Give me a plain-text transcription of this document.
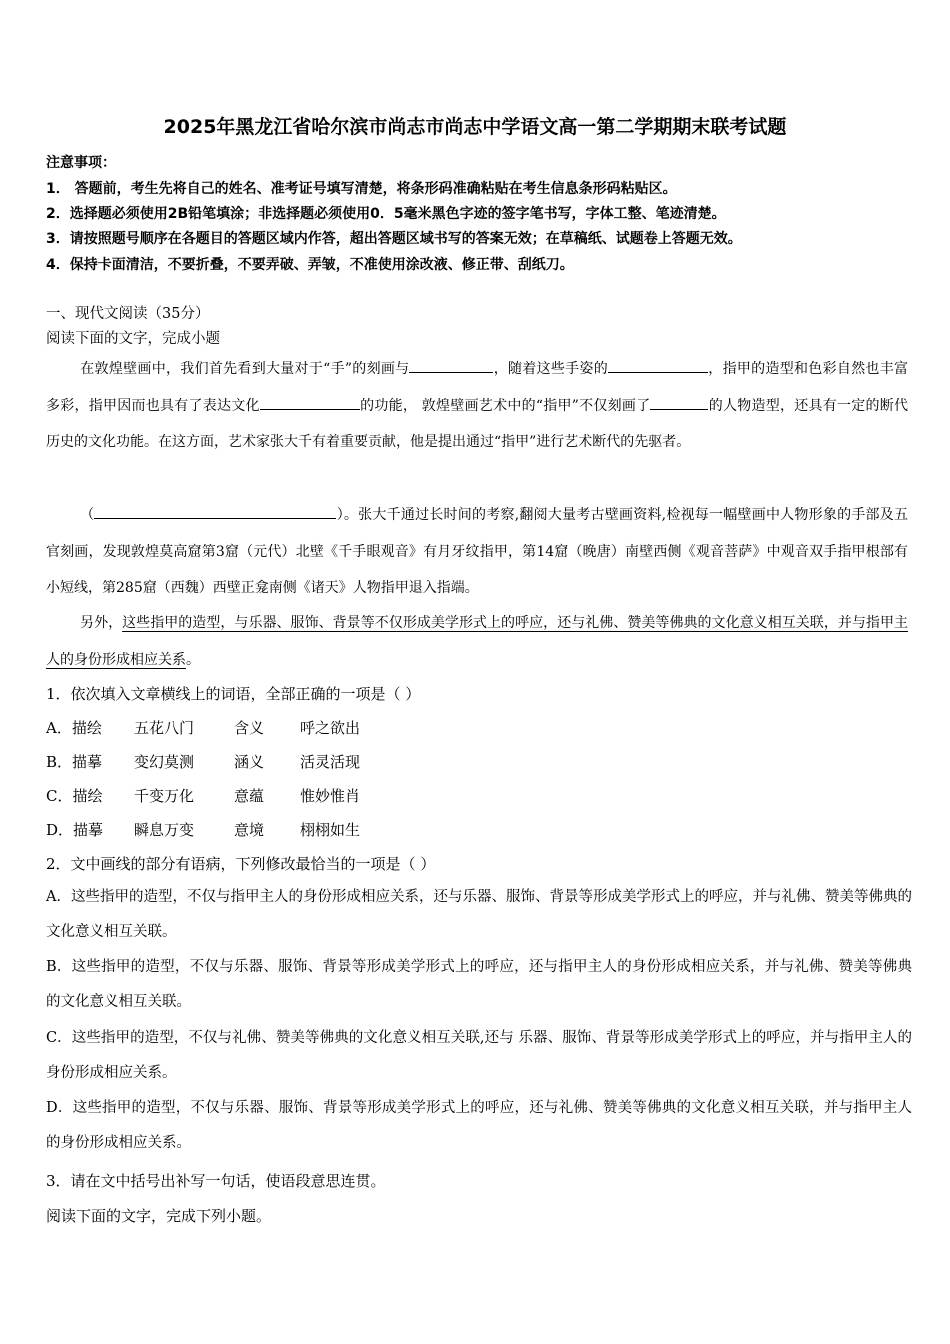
2025年黑龙江省哈尔滨市尚志市尚志中学语文高一第二学期期末联考试题
注意事项：
1． 答题前，考生先将自己的姓名、准考证号填写清楚，将条形码准确粘贴在考生信息条形码粘贴区。
2．选择题必须使用2B铅笔填涂；非选择题必须使用0．5毫米黑色字迹的签字笔书写，字体工整、笔迹清楚。
3．请按照题号顺序在各题目的答题区域内作答，超出答题区域书写的答案无效；在草稿纸、试题卷上答题无效。
4．保持卡面清洁，不要折叠，不要弄破、弄皱，不准使用涂改液、修正带、刮纸刀。
一、现代文阅读（35分）
阅读下面的文字，完成小题
在敦煌壁画中，我们首先看到大量对于“手”的刻画与	，随着这些手姿的	，指甲的造型和色彩自然也丰富多彩，指甲因而也具有了表达文化	的功能， 敦煌壁画艺术中的“指甲”不仅刻画了	的人物造型，还具有一定的断代历史的文化功能。在这方面，艺术家张大千有着重要贡献，他是提出通过“指甲”进行艺术断代的先驱者。
（	）。张大千通过长时间的考察,翻阅大量考古壁画资料,检视每一幅壁画中人物形象的手部及五官刻画，发现敦煌莫高窟第3窟（元代）北壁《千手眼观音》有月牙纹指甲，第14窟（晚唐）南壁西侧《观音菩萨》中观音双手指甲根部有小短线，第285窟（西魏）西壁正龛南侧《诸天》人物指甲退入指端。
另外，这些指甲的造型，与乐器、服饰、背景等不仅形成美学形式上的呼应，还与礼佛、赞美等佛典的文化意义相互关联，并与指甲主人的身份形成相应关系。
1．依次填入文章横线上的词语，全部正确的一项是（ ）
A．描绘 五花八门	含义 呼之欲出
B．描摹 变幻莫测	涵义 活灵活现
C．描绘 千变万化	意蕴 惟妙惟肖
D．描摹 瞬息万变	意境 栩栩如生
2．文中画线的部分有语病，下列修改最恰当的一项是（ ）
A．这些指甲的造型，不仅与指甲主人的身份形成相应关系，还与乐器、服饰、背景等形成美学形式上的呼应，并与礼佛、赞美等佛典的文化意义相互关联。
B．这些指甲的造型，不仅与乐器、服饰、背景等形成美学形式上的呼应，还与指甲主人的身份形成相应关系，并与礼佛、赞美等佛典的文化意义相互关联。
C．这些指甲的造型，不仅与礼佛、赞美等佛典的文化意义相互关联,还与 乐器、服饰、背景等形成美学形式上的呼应，并与指甲主人的身份形成相应关系。
D．这些指甲的造型，不仅与乐器、服饰、背景等形成美学形式上的呼应，还与礼佛、赞美等佛典的文化意义相互关联，并与指甲主人的身份形成相应关系。
3．请在文中括号出补写一句话，使语段意思连贯。
阅读下面的文字，完成下列小题。
